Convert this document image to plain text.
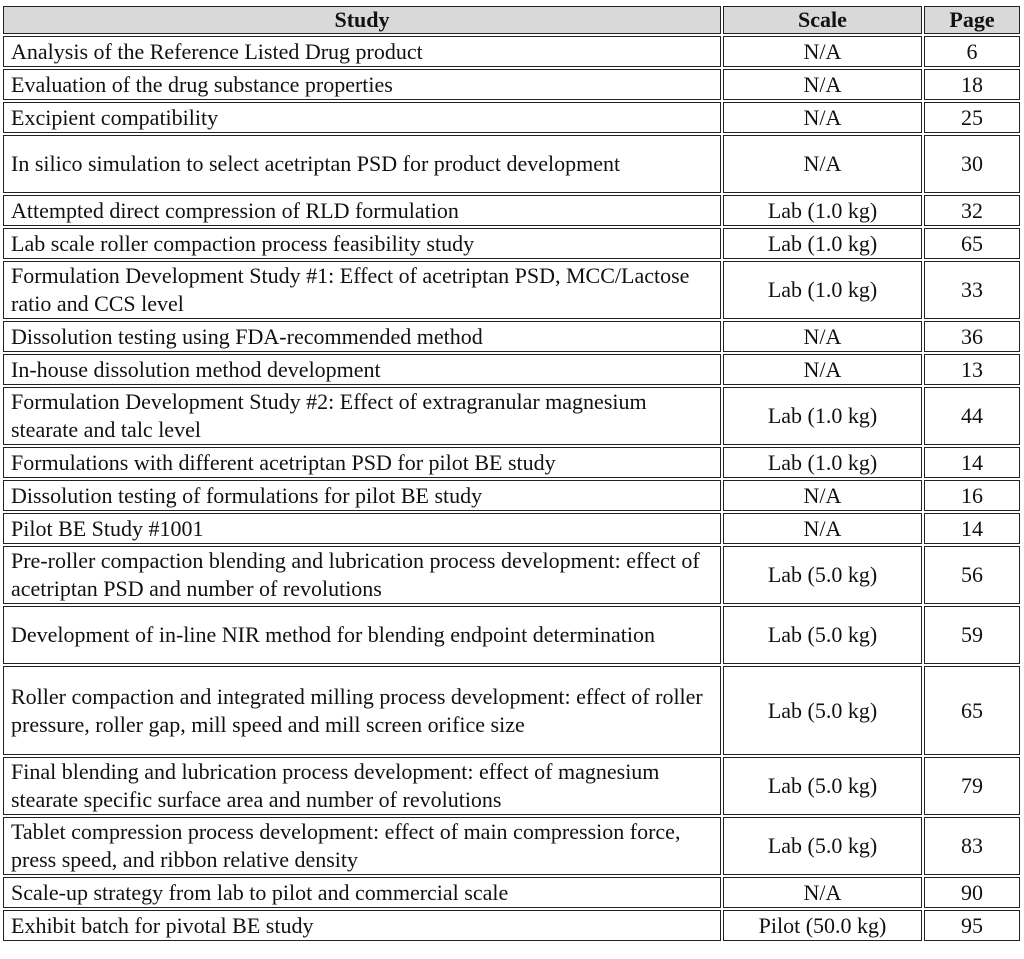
Study	Scale	Page
Analysis of the Reference Listed Drug product	N/A	6
Evaluation of the drug substance properties	N/A	18
Excipient compatibility	N/A	25
In silico simulation to select acetriptan PSD for product development	N/A	30
Attempted direct compression of RLD formulation	Lab (1.0 kg)	32
Lab scale roller compaction process feasibility study	Lab (1.0 kg)	65
Formulation Development Study #1: Effect of acetriptan PSD, MCC/Lactose ratio and CCS level	Lab (1.0 kg)	33
Dissolution testing using FDA-recommended method	N/A	36
In-house dissolution method development	N/A	13
Formulation Development Study #2: Effect of extragranular magnesium stearate and talc level	Lab (1.0 kg)	44
Formulations with different acetriptan PSD for pilot BE study	Lab (1.0 kg)	14
Dissolution testing of formulations for pilot BE study	N/A	16
Pilot BE Study #1001	N/A	14
Pre-roller compaction blending and lubrication process development: effect of acetriptan PSD and number of revolutions	Lab (5.0 kg)	56
Development of in-line NIR method for blending endpoint determination	Lab (5.0 kg)	59
Roller compaction and integrated milling process development: effect of roller pressure, roller gap, mill speed and mill screen orifice size	Lab (5.0 kg)	65
Final blending and lubrication process development: effect of magnesium stearate specific surface area and number of revolutions	Lab (5.0 kg)	79
Tablet compression process development: effect of main compression force, press speed, and ribbon relative density	Lab (5.0 kg)	83
Scale-up strategy from lab to pilot and commercial scale	N/A	90
Exhibit batch for pivotal BE study	Pilot (50.0 kg)	95
